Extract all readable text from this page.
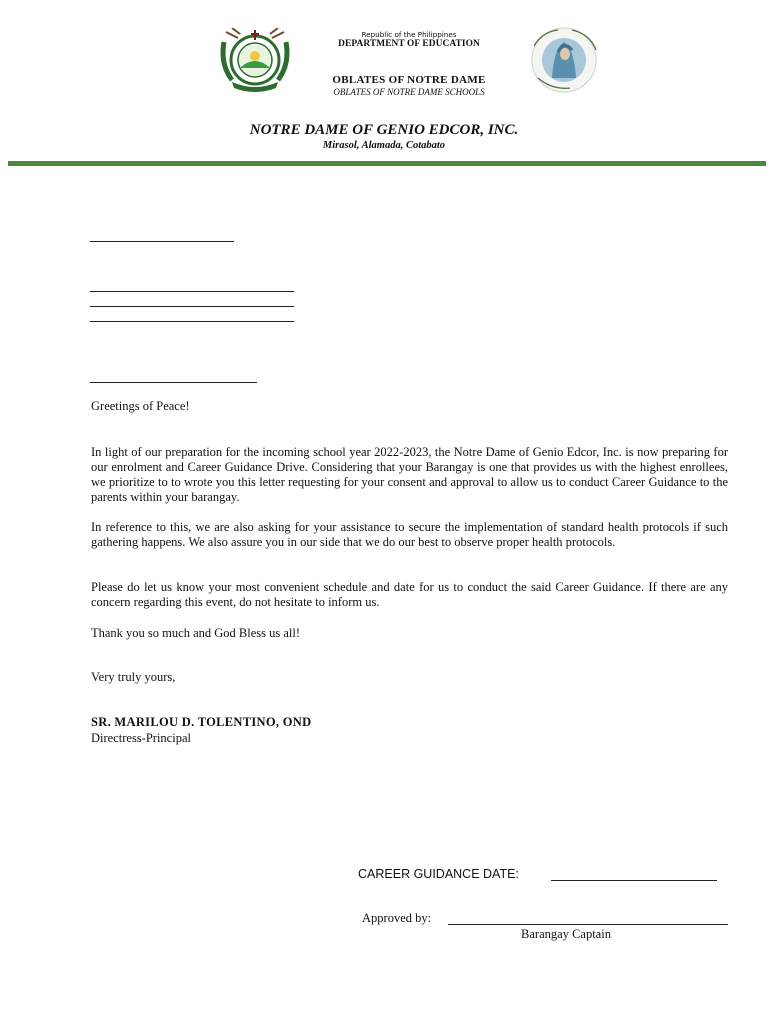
Republic of the Philippines
DEPARTMENT OF EDUCATION
OBLATES OF NOTRE DAME
OBLATES OF NOTRE DAME SCHOOLS
NOTRE DAME OF GENIO EDCOR, INC.
Mirasol, Alamada, Cotabato
Greetings of Peace!
In light of our preparation for the incoming school year 2022-2023, the Notre Dame of Genio Edcor, Inc. is now preparing for our enrolment and Career Guidance Drive. Considering that your Barangay is one that provides us with the highest enrollees, we prioritize to to wrote you this letter requesting for your consent and approval to allow us to conduct Career Guidance to the parents within your barangay.
In reference to this, we are also asking for your assistance to secure the implementation of standard health protocols if such gathering happens. We also assure you in our side that we do our best to observe proper health protocols.
Please do let us know your most convenient schedule and date for us to conduct the said Career Guidance. If there are any concern regarding this event, do not hesitate to inform us.
Thank you so much and God Bless us all!
Very truly yours,
SR. MARILOU D. TOLENTINO, OND
Directress-Principal
CAREER GUIDANCE DATE:
Approved by:
Barangay Captain
